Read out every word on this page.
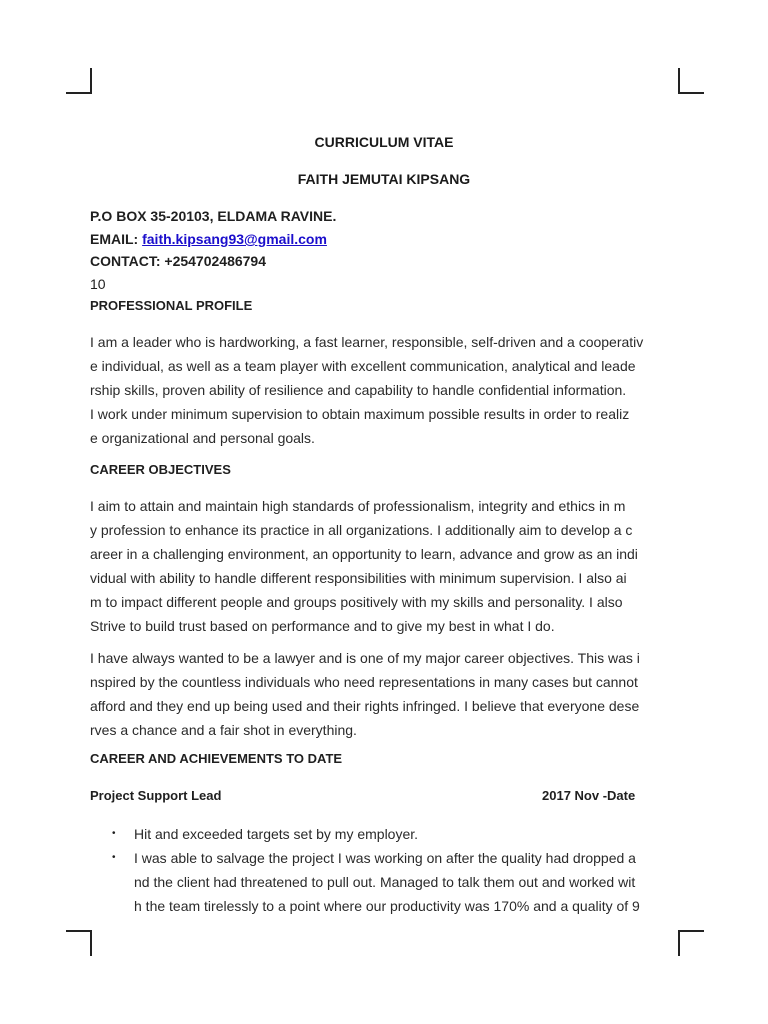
CURRICULUM VITAE
FAITH JEMUTAI KIPSANG
P.O BOX 35-20103, ELDAMA RAVINE.
EMAIL: faith.kipsang93@gmail.com
CONTACT: +254702486794
10
PROFESSIONAL PROFILE
I am a leader who is hardworking, a fast learner, responsible, self-driven and a cooperativ
e individual, as well as a team player with excellent communication, analytical and leade
rship skills, proven ability of resilience and capability to handle confidential information.
I work under minimum supervision to obtain maximum possible results in order to realiz
e organizational and personal goals.
CAREER OBJECTIVES
I aim to attain and maintain high standards of professionalism, integrity and ethics in m
y profession to enhance its practice in all organizations. I additionally aim to develop a c
areer in a challenging environment, an opportunity to learn, advance and grow as an indi
vidual with ability to handle different responsibilities with minimum supervision. I also ai
m to impact different people and groups positively with my skills and personality. I also
Strive to build trust based on performance and to give my best in what I do.
I have always wanted to be a lawyer and is one of my major career objectives. This was i
nspired by the countless individuals who need representations in many cases but cannot
afford and they end up being used and their rights infringed. I believe that everyone dese
rves a chance and a fair shot in everything.
CAREER AND ACHIEVEMENTS TO DATE
Project Support Lead	2017 Nov -Date
• Hit and exceeded targets set by my employer.
• I was able to salvage the project I was working on after the quality had dropped a
nd the client had threatened to pull out. Managed to talk them out and worked wit
h the team tirelessly to a point where our productivity was 170% and a quality of 9
